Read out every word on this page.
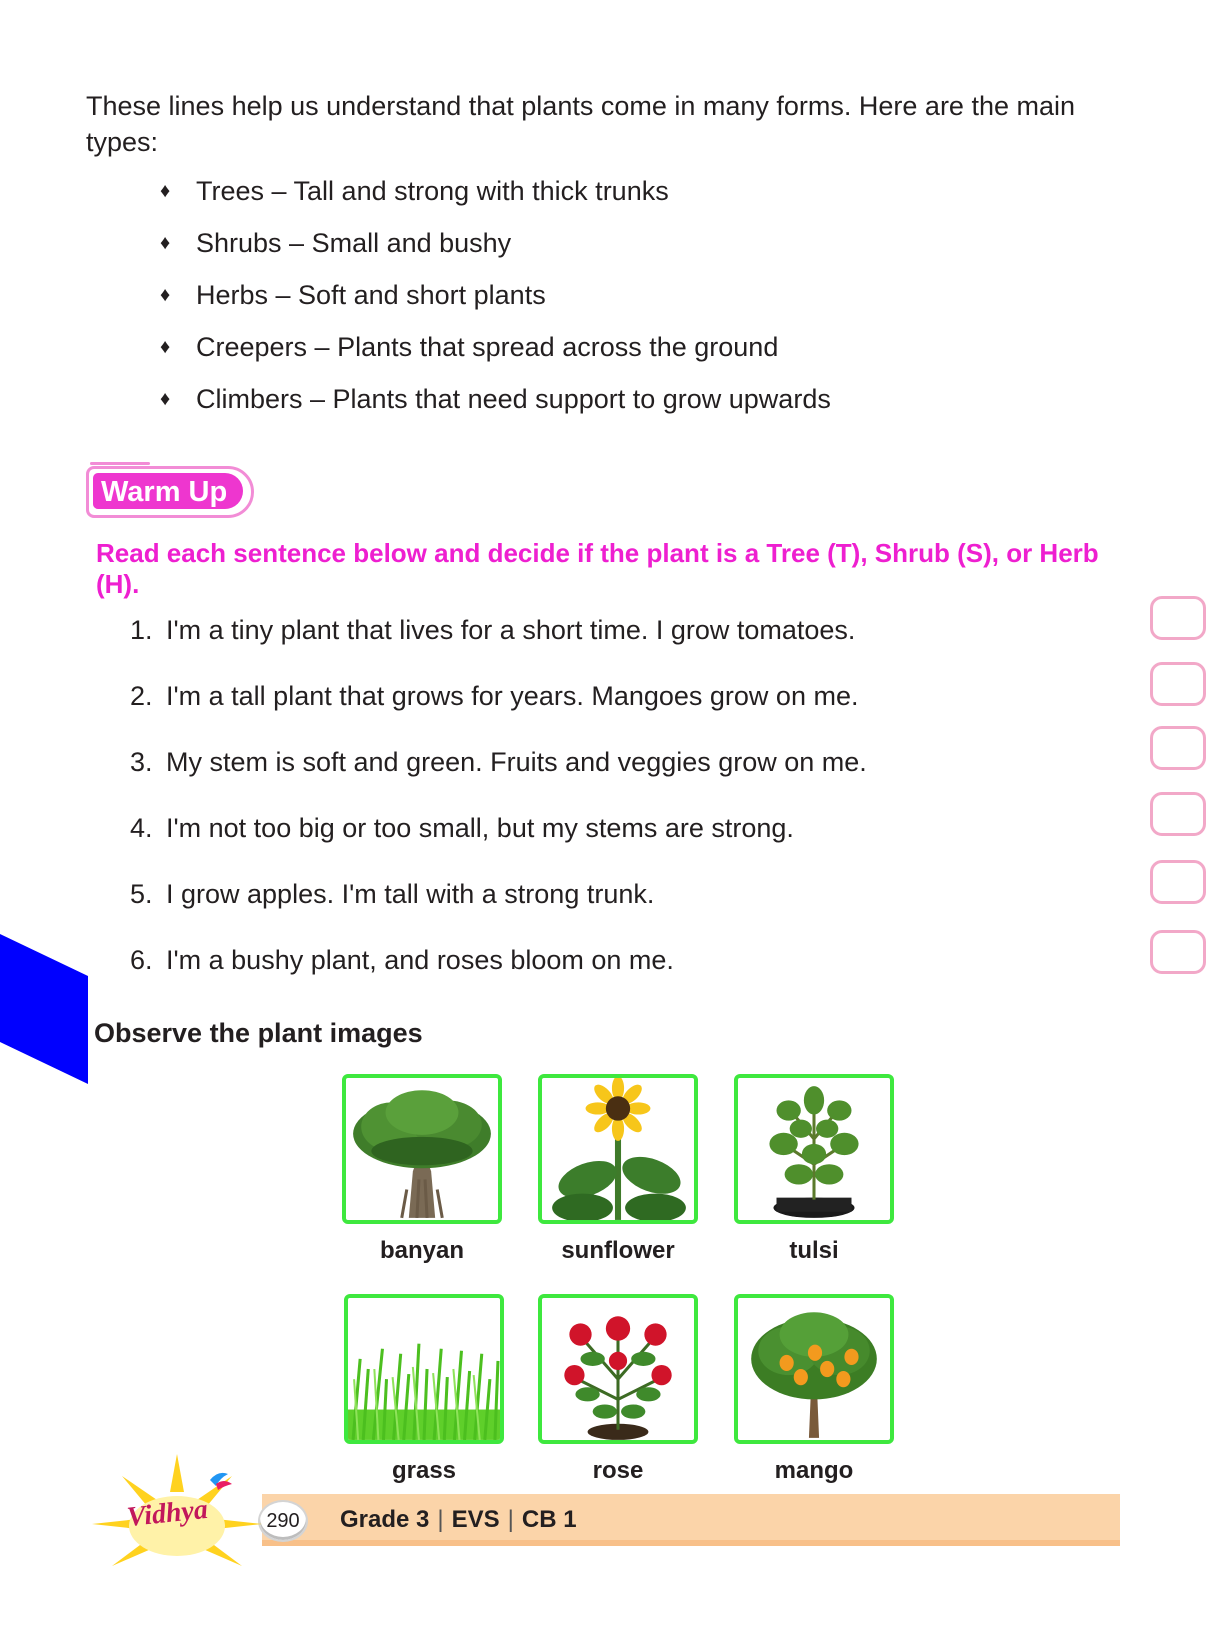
These lines help us understand that plants come in many forms. Here are the main types:

♦ Trees – Tall and strong with thick trunks
♦ Shrubs – Small and bushy
♦ Herbs – Soft and short plants
♦ Creepers – Plants that spread across the ground
♦ Climbers – Plants that need support to grow upwards
Warm Up

Read each sentence below and decide if the plant is a Tree (T), Shrub (S), or Herb (H).

1. I'm a tiny plant that lives for a short time. I grow tomatoes.
2. I'm a tall plant that grows for years. Mangoes grow on me.
3. My stem is soft and green. Fruits and veggies grow on me.
4. I'm not too big or too small, but my stems are strong.
5. I grow apples. I'm tall with a strong trunk.
6. I'm a bushy plant, and roses bloom on me.
Observe the plant images
banyan	sunflower	tulsi
grass	rose	mango
290	Grade 3 | EVS | CB 1
Vidhya
